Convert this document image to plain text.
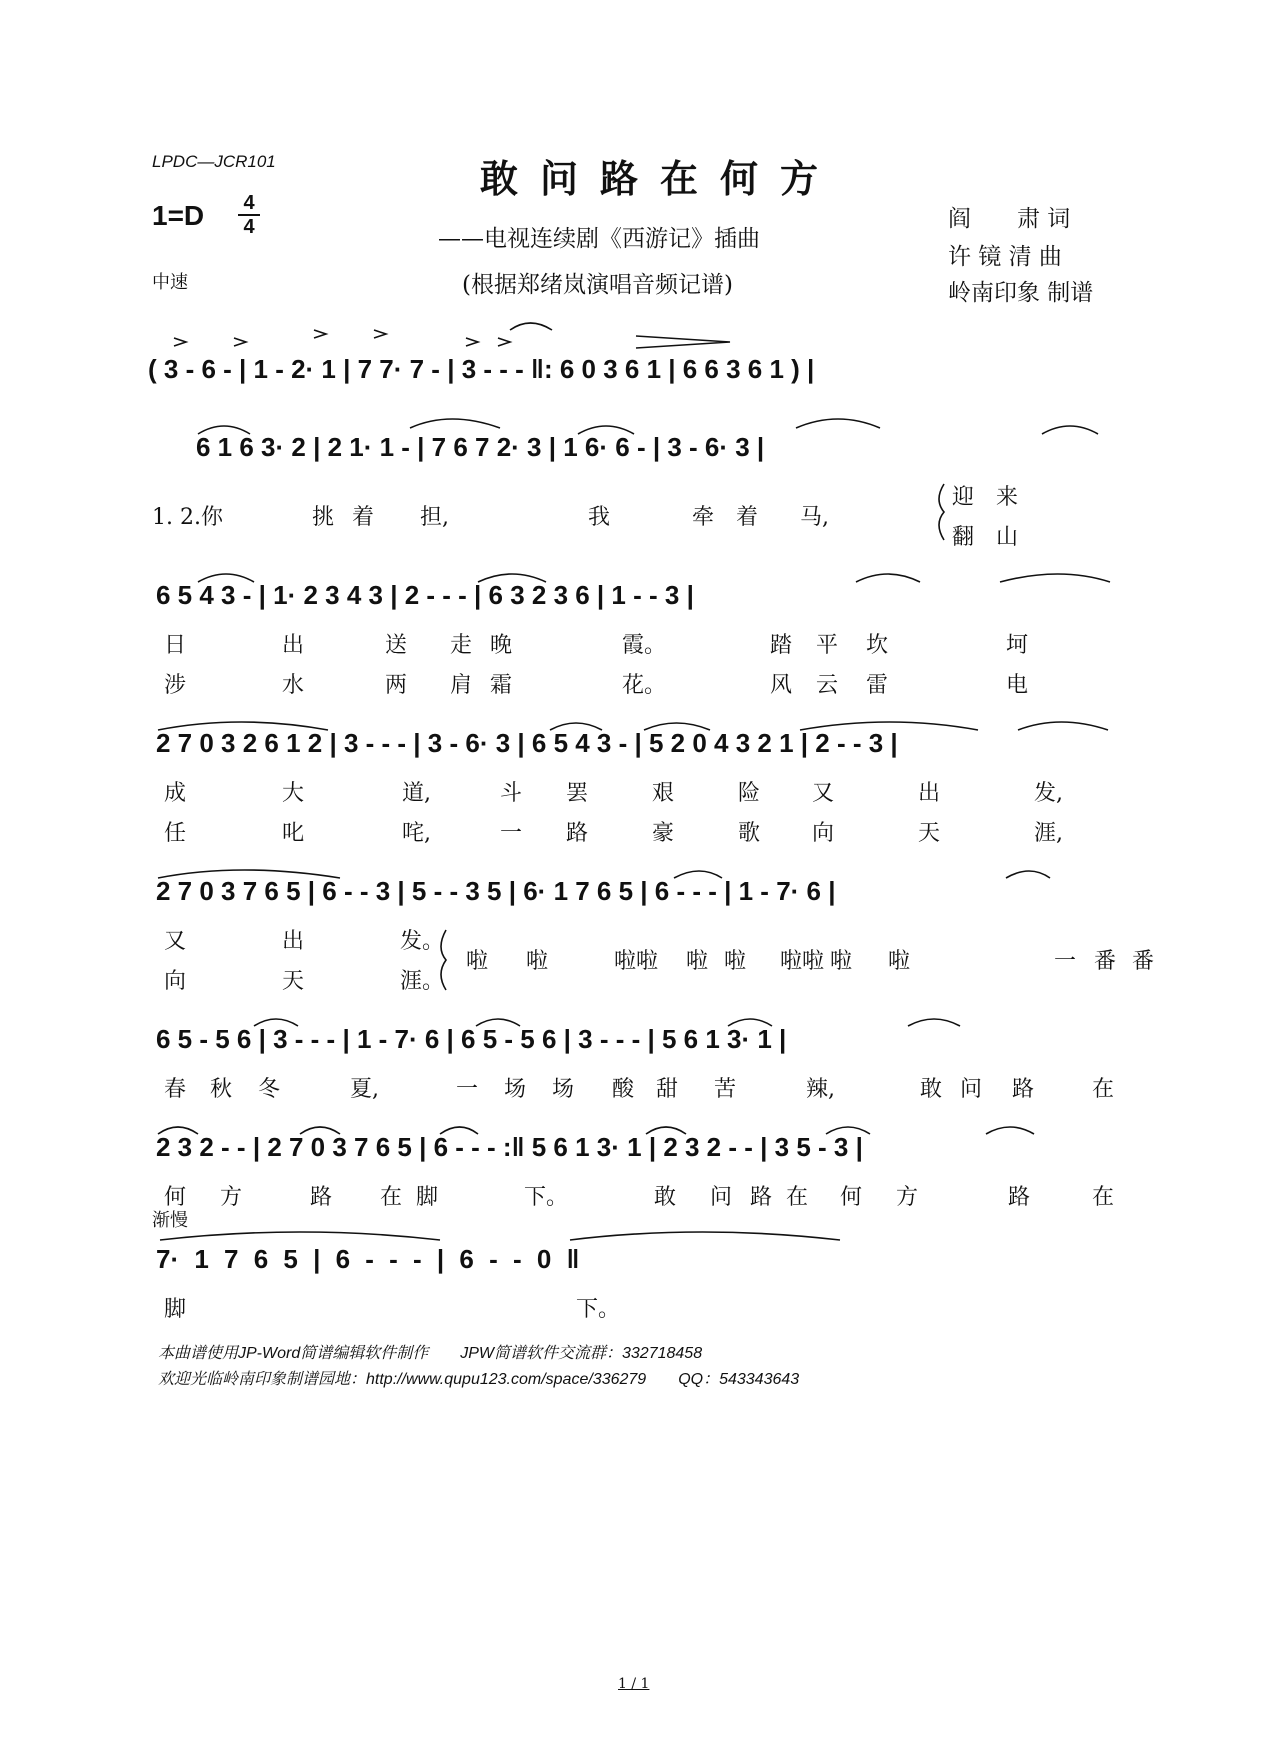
LPDC—JCR101	敢问路在何方
——电视连续剧《西游记》插曲
(根据郑绪岚演唱音频记谱)
1=D 4
4
中速
阎　　肃 词
许 镜 清 曲
岭南印象 制谱
( 3 - 6 - | 1 - 2· 1 | 7 7· 7 - | 3 - - - ‖: 6 0 3 6 1 | 6 6 3 6 1 ) |
6 1 6 3· 2 | 2 1· 1 - | 7 6 7 2· 3 | 1 6· 6 - | 3 - 6· 3 |
1. 2.你	挑 着 担,	我	牵 着 马,
迎　来
翻　山
6 5 4 3 - | 1· 2 3 4 3 | 2 - - - | 6 3 2 3 6 | 1 - - 3 |
日	出	送 走 晚	霞。	踏 平 坎	坷
涉	水	两 肩 霜	花。	风 云 雷	电
2 7 0 3 2 6 1 2 | 3 - - - | 3 - 6· 3 | 6 5 4 3 - | 5 2 0 4 3 2 1 | 2 - - 3 |
成	大	道,	斗 罢	艰	险 又	出	发,
任	叱	咤,	一 路	豪	歌 向	天	涯,
2 7 0 3 7 6 5 | 6 - - 3 | 5 - - 3 5 | 6· 1 7 6 5 | 6 - - - | 1 - 7· 6 |
又	出	发。
向	天	涯。
啦 啦	啦啦 啦 啦 啦啦 啦 啦	一 番 番
6 5 - 5 6 | 3 - - - | 1 - 7· 6 | 6 5 - 5 6 | 3 - - - | 5 6 1 3· 1 |
春 秋 冬	夏,	一 场 场 酸 甜 苦	辣,	敢 问 路	在
2 3 2 - - | 2 7 0 3 7 6 5 | 6 - - - :‖ 5 6 1 3· 1 | 2 3 2 - - | 3 5 - 3 |
何 方	路 在 脚	下。	敢 问 路 在 何 方	路	在
渐慢
7· 1 7 6 5 | 6 - - - | 6 - - 0 ‖
脚	下。
本曲谱使用JP-Word简谱编辑软件制作　　JPW简谱软件交流群：332718458
欢迎光临岭南印象制谱园地：http://www.qupu123.com/space/336279　　QQ：543343643
1 / 1
